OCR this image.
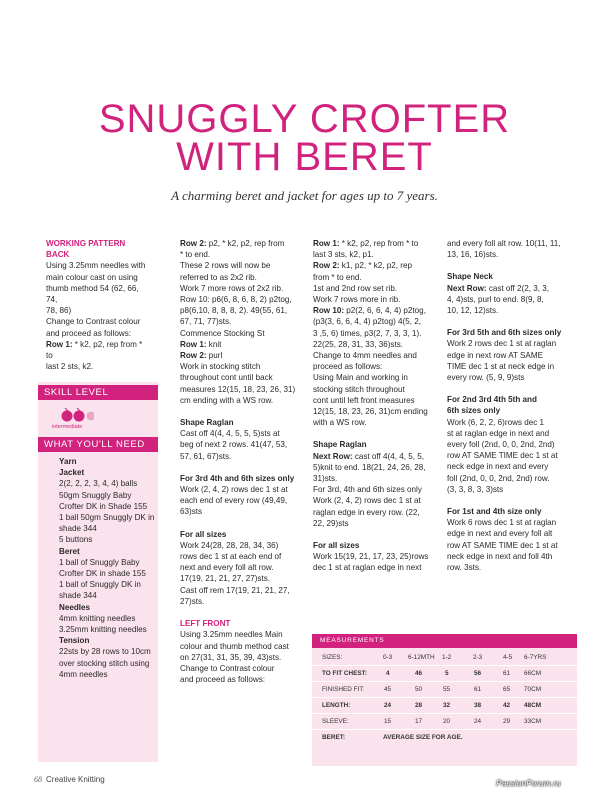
SNUGGLY CROFTER
WITH BERET
A charming beret and jacket for ages up to 7 years.

WORKING PATTERN

BACK

Using 3.25mm needles with

main colour cast on using

thumb method 54 (62, 66, 74,

78, 86)

Change to Contrast colour

and proceed as follows:

Row 1: * k2, p2, rep from * to

last 2 sts, k2.

SKILL LEVEL
intermediate
WHAT YOU'LL NEED

Yarn

Jacket

2(2, 2, 2, 3, 4, 4) balls

50gm Snuggly Baby

Crofter DK in Shade 155

1 ball 50gm Snuggly DK in

shade 344

5 buttons

Beret

1 ball of Snuggly Baby

Crofter DK in shade 155

1 ball of Snuggly DK in

shade 344

Needles

4mm knitting needles

3.25mm knitting needles

Tension

22sts by 28 rows to 10cm

over stocking stitch using

4mm needles

Row 2: p2, * k2, p2, rep from

* to end.

These 2 rows will now be

referred to as 2x2 rib.

Work 7 more rows of 2x2 rib.

Row 10: p6(6, 8, 6, 8, 2) p2tog,

p8(6,10, 8, 8, 8, 2). 49(55, 61,

67, 71, 77)sts.

Commence Stocking St

Row 1: knit

Row 2: purl

Work in stocking stitch

throughout cont until back

measures 12(15, 18, 23, 26, 31)

cm ending with a WS row.

Shape Raglan

Cast off 4(4, 4, 5, 5, 5)sts at

beg of next 2 rows. 41(47, 53,

57, 61, 67)sts.

For 3rd 4th and 6th sizes only

Work (2, 4, 2) rows dec 1 st at

each end of every row (49,49,

63)sts

For all sizes

Work 24(28, 28, 28, 34, 36)

rows dec 1 st at each end of

next and every foll alt row.

17(19, 21, 21, 27, 27)sts.

Cast off rem 17(19, 21, 21, 27,

27)sts.

LEFT FRONT

Using 3.25mm needles Main

colour and thumb method cast

on 27(31, 31, 35, 39, 43)sts.

Change to Contrast colour

and proceed as follows:

Row 1: * k2, p2, rep from * to

last 3 sts, k2, p1.

Row 2: k1, p2, * k2, p2, rep

from * to end.

1st and 2nd row set rib.

Work 7 rows more in rib.

Row 10: p2(2, 6, 6, 4, 4) p2tog,

(p3(3, 6, 6, 4, 4) p2tog) 4(5, 2,

3 ,5, 6) times, p3(2, 7, 3, 3, 1).

22(25, 28, 31, 33, 36)sts.

Change to 4mm needles and

proceed as follows:

Using Main and working in

stocking stitch throughout

cont until left front measures

12(15, 18, 23, 26, 31)cm ending

with a WS row.

Shape Raglan

Next Row: cast off 4(4, 4, 5, 5,

5)knit to end. 18(21, 24, 26, 28,

31)sts.

For 3rd, 4th and 6th sizes only

Work (2, 4, 2) rows dec 1 st at

raglan edge in every row. (22,

22, 29)sts

For all sizes

Work 15(19, 21, 17, 23, 25)rows

dec 1 st at raglan edge in next

and every foll alt row. 10(11, 11,

13, 16, 16)sts.

Shape Neck

Next Row: cast off 2(2, 3, 3,

4, 4)sts, purl to end. 8(9, 8,

10, 12, 12)sts.

For 3rd 5th and 6th sizes only

Work 2 rows dec 1 st at raglan

edge in next row AT SAME

TIME dec 1 st at neck edge in

every row. (5, 9, 9)sts

For 2nd 3rd 4th 5th and

6th sizes only

Work (6, 2, 2, 6)rows dec 1

st at raglan edge in next and

every foll (2nd, 0, 0, 2nd, 2nd)

row AT SAME TIME dec 1 st at

neck edge in next and every

foll (2nd, 0, 0, 2nd, 2nd) row.

(3, 3, 8, 3, 3)sts

For 1st and 4th size only

Work 6 rows dec 1 st at raglan

edge in next and every foll alt

row AT SAME TIME dec 1 st at

neck edge in next and foll 4th

row. 3sts.

MEASUREMENTS
SIZES:	0-3 6-12MTH 1-2	2-3	4-5 6-7YRS
TO FIT CHEST:	4	46	5	56	61 66CM
FINISHED FIT:	45	50	55	61	65 70CM
LENGTH:	24	28	32	38	42 48CM
SLEEVE:	15	17	20	24	29 33CM
BERET:	AVERAGE SIZE FOR AGE.
68 Creative Knitting	PassionForum.ru
